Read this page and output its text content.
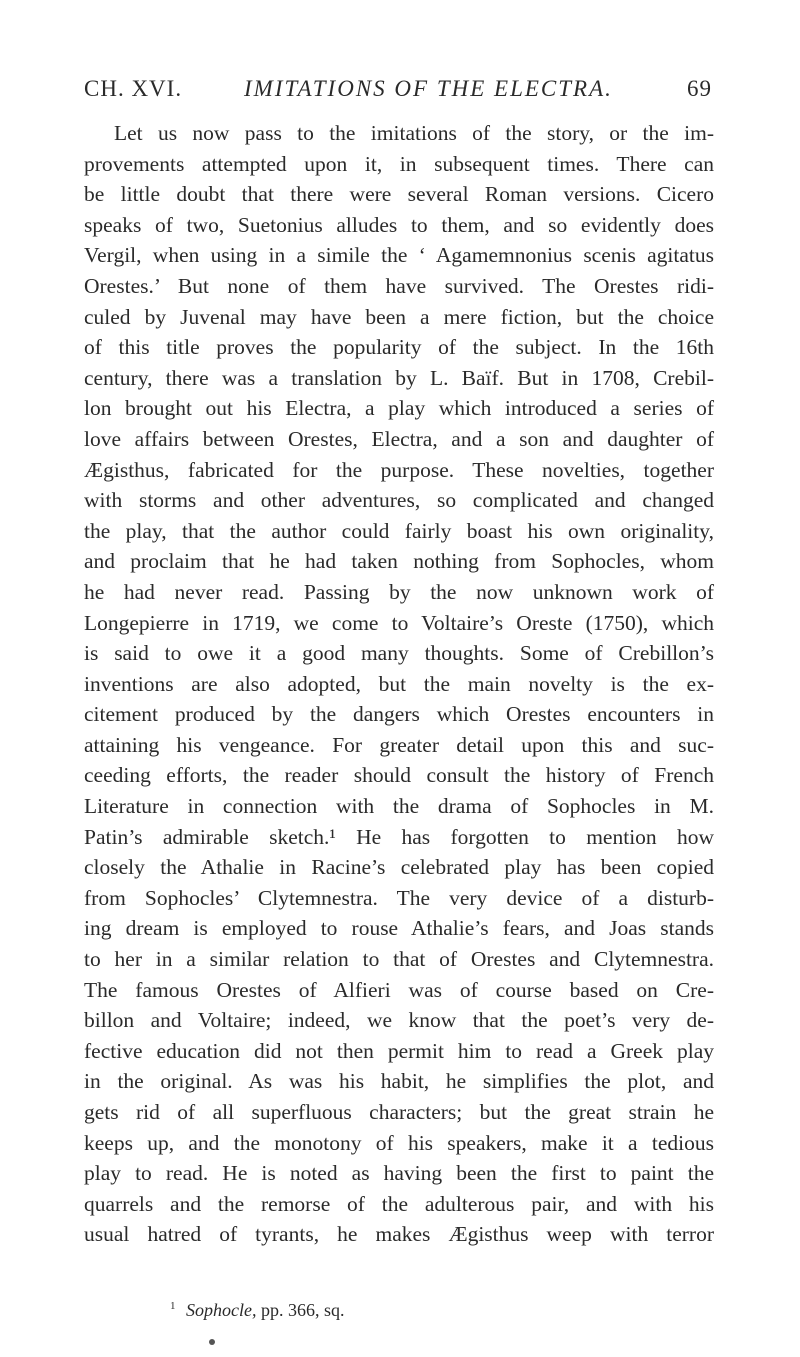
CH. XVI.	IMITATIONS OF THE ELECTRA.	69
Let us now pass to the imitations of the story, or the im-
provements attempted upon it, in subsequent times. There can
be little doubt that there were several Roman versions. Cicero
speaks of two, Suetonius alludes to them, and so evidently does
Vergil, when using in a simile the ‘ Agamemnonius scenis agitatus
Orestes.’ But none of them have survived. The Orestes ridi-
culed by Juvenal may have been a mere fiction, but the choice
of this title proves the popularity of the subject. In the 16th
century, there was a translation by L. Baïf. But in 1708, Crebil-
lon brought out his Electra, a play which introduced a series of
love affairs between Orestes, Electra, and a son and daughter of
Ægisthus, fabricated for the purpose. These novelties, together
with storms and other adventures, so complicated and changed
the play, that the author could fairly boast his own originality,
and proclaim that he had taken nothing from Sophocles, whom
he had never read. Passing by the now unknown work of
Longepierre in 1719, we come to Voltaire’s Oreste (1750), which
is said to owe it a good many thoughts. Some of Crebillon’s
inventions are also adopted, but the main novelty is the ex-
citement produced by the dangers which Orestes encounters in
attaining his vengeance. For greater detail upon this and suc-
ceeding efforts, the reader should consult the history of French
Literature in connection with the drama of Sophocles in M.
Patin’s admirable sketch.¹ He has forgotten to mention how
closely the Athalie in Racine’s celebrated play has been copied
from Sophocles’ Clytemnestra. The very device of a disturb-
ing dream is employed to rouse Athalie’s fears, and Joas stands
to her in a similar relation to that of Orestes and Clytemnestra.
The famous Orestes of Alfieri was of course based on Cre-
billon and Voltaire; indeed, we know that the poet’s very de-
fective education did not then permit him to read a Greek play
in the original. As was his habit, he simplifies the plot, and
gets rid of all superfluous characters; but the great strain he
keeps up, and the monotony of his speakers, make it a tedious
play to read. He is noted as having been the first to paint the
quarrels and the remorse of the adulterous pair, and with his
usual hatred of tyrants, he makes Ægisthus weep with terror
$^1$ Sophocle, pp. 366, sq.
